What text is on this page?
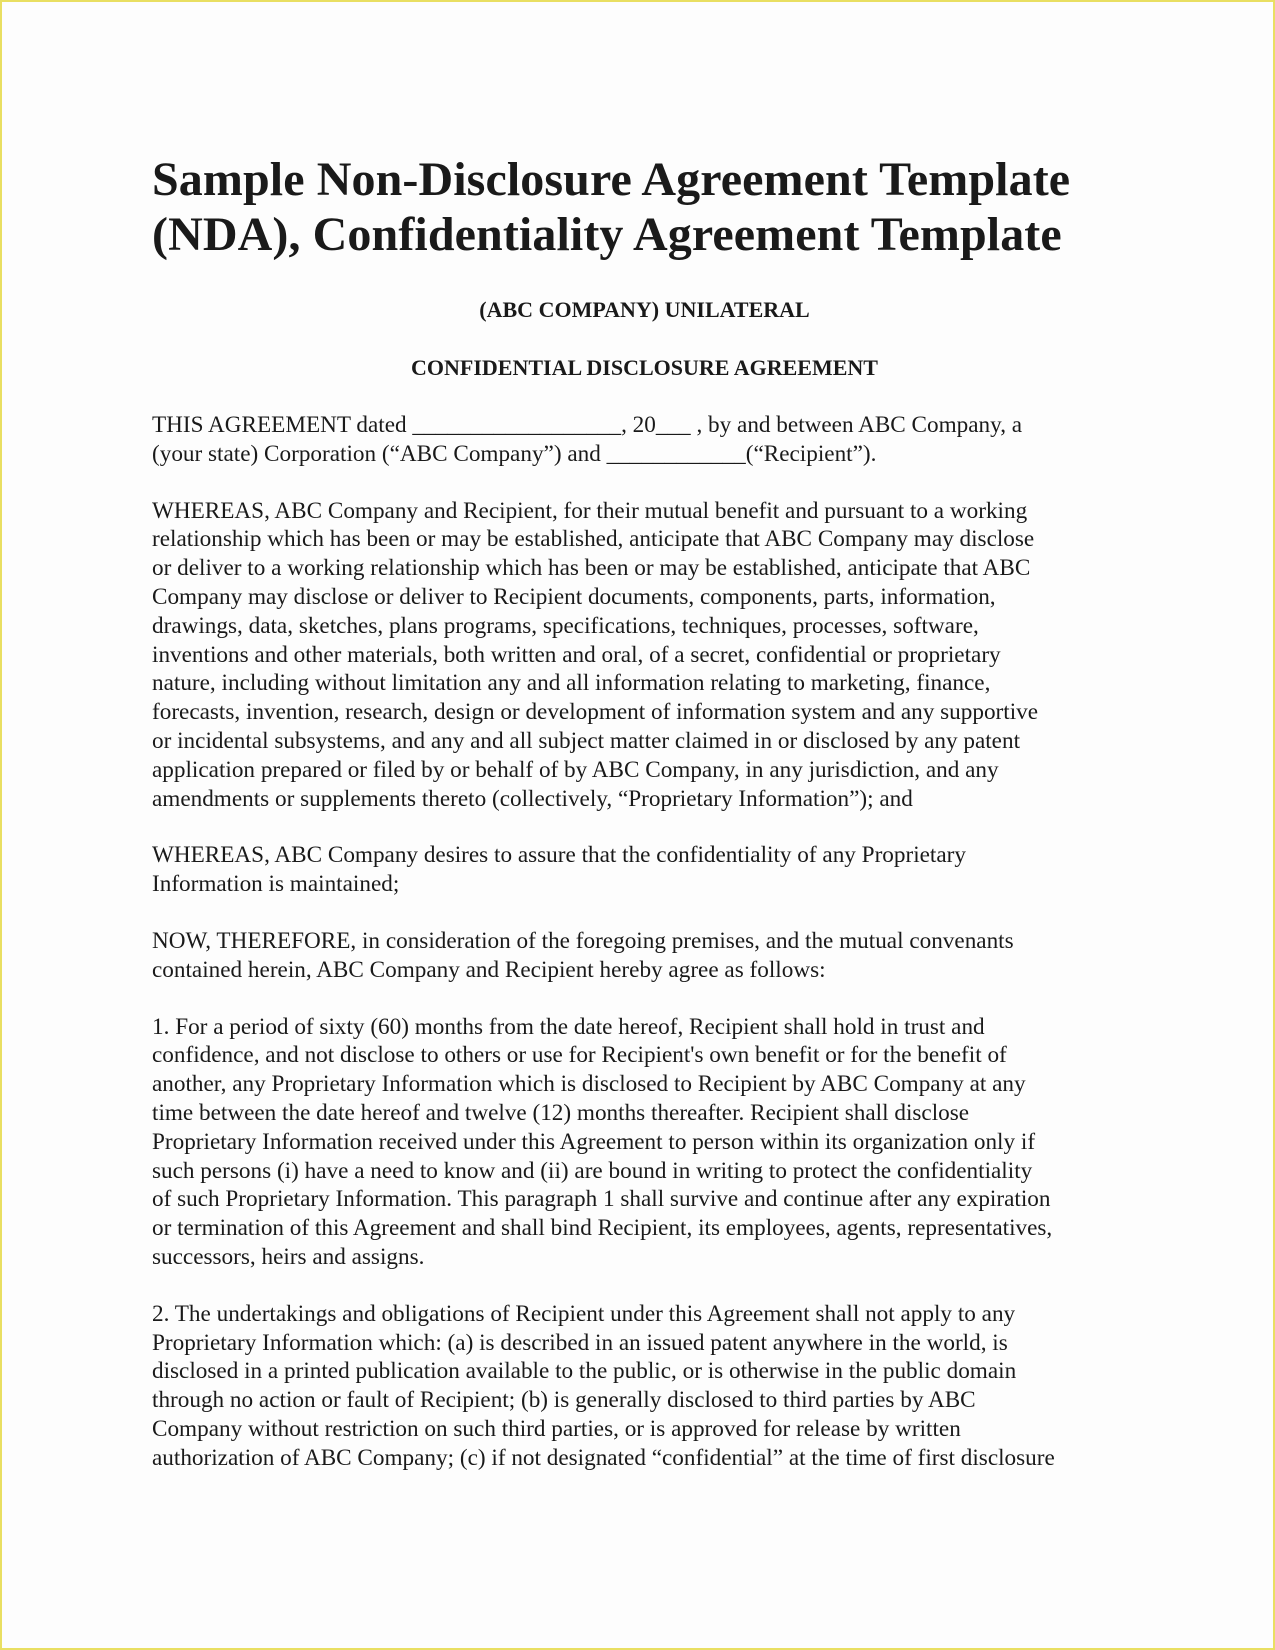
Sample Non-Disclosure Agreement Template
(NDA), Confidentiality Agreement Template

(ABC COMPANY) UNILATERAL

CONFIDENTIAL DISCLOSURE AGREEMENT

THIS AGREEMENT dated __________________, 20___ , by and between ABC Company, a
(your state) Corporation (“ABC Company”) and ____________(“Recipient”).
WHEREAS, ABC Company and Recipient, for their mutual benefit and pursuant to a working
relationship which has been or may be established, anticipate that ABC Company may disclose
or deliver to a working relationship which has been or may be established, anticipate that ABC
Company may disclose or deliver to Recipient documents, components, parts, information,
drawings, data, sketches, plans programs, specifications, techniques, processes, software,
inventions and other materials, both written and oral, of a secret, confidential or proprietary
nature, including without limitation any and all information relating to marketing, finance,
forecasts, invention, research, design or development of information system and any supportive
or incidental subsystems, and any and all subject matter claimed in or disclosed by any patent
application prepared or filed by or behalf of by ABC Company, in any jurisdiction, and any
amendments or supplements thereto (collectively, “Proprietary Information”); and
WHEREAS, ABC Company desires to assure that the confidentiality of any Proprietary
Information is maintained;
NOW, THEREFORE, in consideration of the foregoing premises, and the mutual convenants
contained herein, ABC Company and Recipient hereby agree as follows:
1. For a period of sixty (60) months from the date hereof, Recipient shall hold in trust and
confidence, and not disclose to others or use for Recipient's own benefit or for the benefit of
another, any Proprietary Information which is disclosed to Recipient by ABC Company at any
time between the date hereof and twelve (12) months thereafter. Recipient shall disclose
Proprietary Information received under this Agreement to person within its organization only if
such persons (i) have a need to know and (ii) are bound in writing to protect the confidentiality
of such Proprietary Information. This paragraph 1 shall survive and continue after any expiration
or termination of this Agreement and shall bind Recipient, its employees, agents, representatives,
successors, heirs and assigns.
2. The undertakings and obligations of Recipient under this Agreement shall not apply to any
Proprietary Information which: (a) is described in an issued patent anywhere in the world, is
disclosed in a printed publication available to the public, or is otherwise in the public domain
through no action or fault of Recipient; (b) is generally disclosed to third parties by ABC
Company without restriction on such third parties, or is approved for release by written
authorization of ABC Company; (c) if not designated “confidential” at the time of first disclosure
